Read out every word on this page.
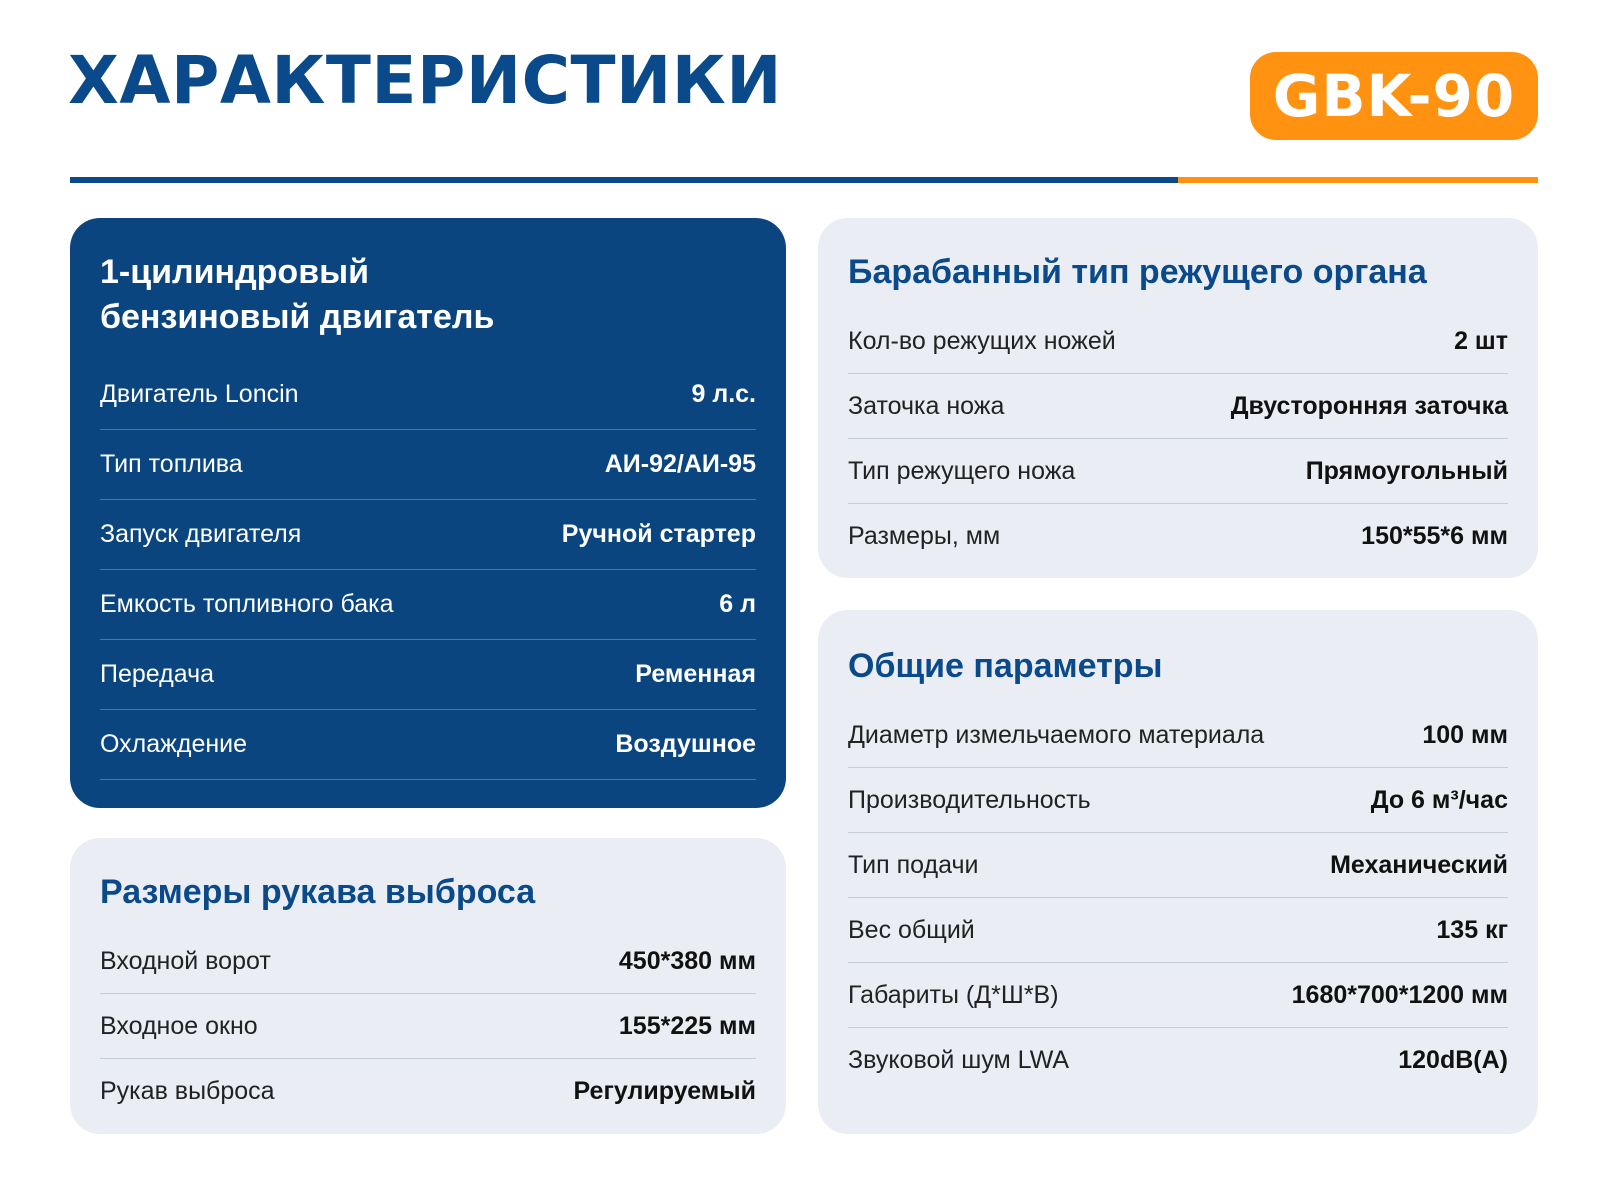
ХАРАКТЕРИСТИКИ	GBK-90
1-цилиндровый
бензиновый двигатель
Двигатель Loncin	9 л.с.
Тип топлива	АИ-92/АИ-95
Запуск двигателя	Ручной стартер
Емкость топливного бака	6 л
Передача	Ременная
Охлаждение	Воздушное
Размеры рукава выброса
Входной ворот	450*380 мм
Входное окно	155*225 мм
Рукав выброса	Регулируемый
Барабанный тип режущего органа
Кол-во режущих ножей	2 шт
Заточка ножа	Двусторонняя заточка
Тип режущего ножа	Прямоугольный
Размеры, мм	150*55*6 мм
Общие параметры
Диаметр измельчаемого материала	100 мм
Производительность	До 6 м³/час
Тип подачи	Механический
Вес общий	135 кг
Габариты (Д*Ш*В)	1680*700*1200 мм
Звуковой шум LWA	120dB(A)
